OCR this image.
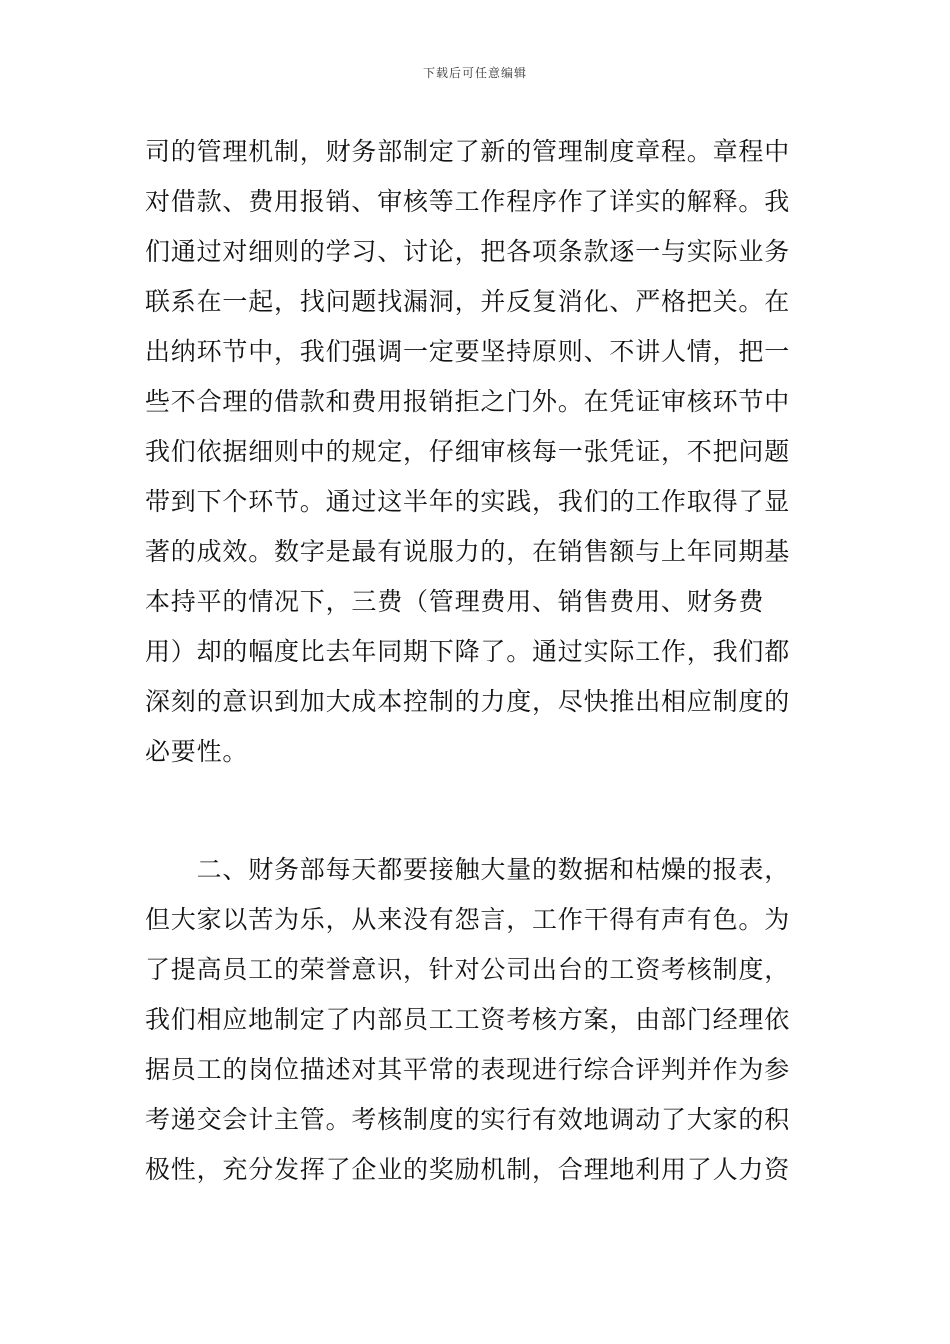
下载后可任意编辑
司的管理机制，财务部制定了新的管理制度章程。章程中
对借款、费用报销、审核等工作程序作了详实的解释。我
们通过对细则的学习、讨论，把各项条款逐一与实际业务
联系在一起，找问题找漏洞，并反复消化、严格把关。在
出纳环节中，我们强调一定要坚持原则、不讲人情，把一
些不合理的借款和费用报销拒之门外。在凭证审核环节中
我们依据细则中的规定，仔细审核每一张凭证，不把问题
带到下个环节。通过这半年的实践，我们的工作取得了显
著的成效。数字是最有说服力的，在销售额与上年同期基
本持平的情况下，三费（管理费用、销售费用、财务费
用）却的幅度比去年同期下降了。通过实际工作，我们都
深刻的意识到加大成本控制的力度，尽快推出相应制度的
必要性。
　　二、财务部每天都要接触大量的数据和枯燥的报表，
但大家以苦为乐，从来没有怨言，工作干得有声有色。为
了提高员工的荣誉意识，针对公司出台的工资考核制度，
我们相应地制定了内部员工工资考核方案，由部门经理依
据员工的岗位描述对其平常的表现进行综合评判并作为参
考递交会计主管。考核制度的实行有效地调动了大家的积
极性，充分发挥了企业的奖励机制，合理地利用了人力资
